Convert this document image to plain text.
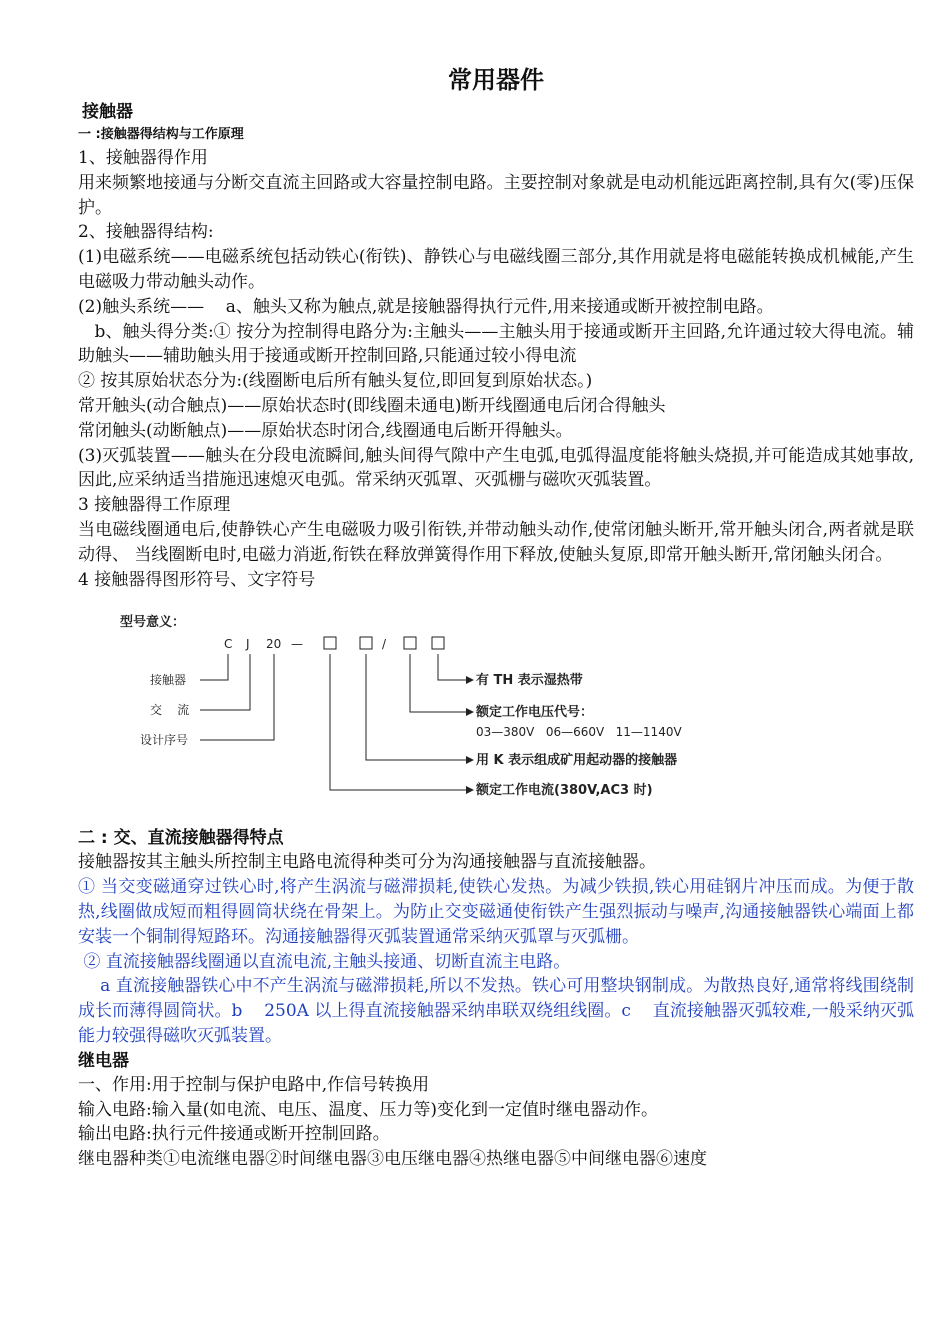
常用器件
接触器
一 :接触器得结构与工作原理

1、接触器得作用

用来频繁地接通与分断交直流主回路或大容量控制电路。主要控制对象就是电动机能远距离控制,具有欠(零)压保护。

2、接触器得结构:

(1)电磁系统——电磁系统包括动铁心(衔铁)、静铁心与电磁线圈三部分,其作用就是将电磁能转换成机械能,产生电磁吸力带动触头动作。

(2)触头系统——    a、触头又称为触点,就是接触器得执行元件,用来接通或断开被控制电路。

b、触头得分类:① 按分为控制得电路分为:主触头——主触头用于接通或断开主回路,允许通过较大得电流。辅助触头——辅助触头用于接通或断开控制回路,只能通过较小得电流

② 按其原始状态分为:(线圈断电后所有触头复位,即回复到原始状态。)

常开触头(动合触点)——原始状态时(即线圈未通电)断开线圈通电后闭合得触头

常闭触头(动断触点)——原始状态时闭合,线圈通电后断开得触头。

(3)灭弧装置——触头在分段电流瞬间,触头间得气隙中产生电弧,电弧得温度能将触头烧损,并可能造成其她事故,因此,应采纳适当措施迅速熄灭电弧。常采纳灭弧罩、灭弧栅与磁吹灭弧装置。

3 接触器得工作原理

当电磁线圈通电后,使静铁心产生电磁吸力吸引衔铁,并带动触头动作,使常闭触头断开,常开触头闭合,两者就是联动得、 当线圈断电时,电磁力消逝,衔铁在释放弹簧得作用下释放,使触头复原,即常开触头断开,常闭触头闭合。

4 接触器得图形符号、文字符号

型号意义：
C J 20 —	/
接触器
交    流
设计序号
有 TH 表示湿热带
额定工作电压代号：
03—380V   06—660V   11—1140V
用 K 表示组成矿用起动器的接触器
额定工作电流(380V,AC3 时)
二 : 交、直流接触器得特点

接触器按其主触头所控制主电路电流得种类可分为沟通接触器与直流接触器。

① 当交变磁通穿过铁心时,将产生涡流与磁滞损耗,使铁心发热。为减少铁损,铁心用硅钢片冲压而成。为便于散热,线圈做成短而粗得圆筒状绕在骨架上。为防止交变磁通使衔铁产生强烈振动与噪声,沟通接触器铁心端面上都安装一个铜制得短路环。沟通接触器得灭弧装置通常采纳灭弧罩与灭弧栅。

② 直流接触器线圈通以直流电流,主触头接通、切断直流主电路。

a 直流接触器铁心中不产生涡流与磁滞损耗,所以不发热。铁心可用整块钢制成。为散热良好,通常将线围绕制成长而薄得圆筒状。b    250A 以上得直流接触器采纳串联双绕组线圈。c    直流接触器灭弧较难,一般采纳灭弧能力较强得磁吹灭弧装置。

继电器

一、作用:用于控制与保护电路中,作信号转换用

输入电路:输入量(如电流、电压、温度、压力等)变化到一定值时继电器动作。

输出电路:执行元件接通或断开控制回路。

继电器种类①电流继电器②时间继电器③电压继电器④热继电器⑤中间继电器⑥速度
